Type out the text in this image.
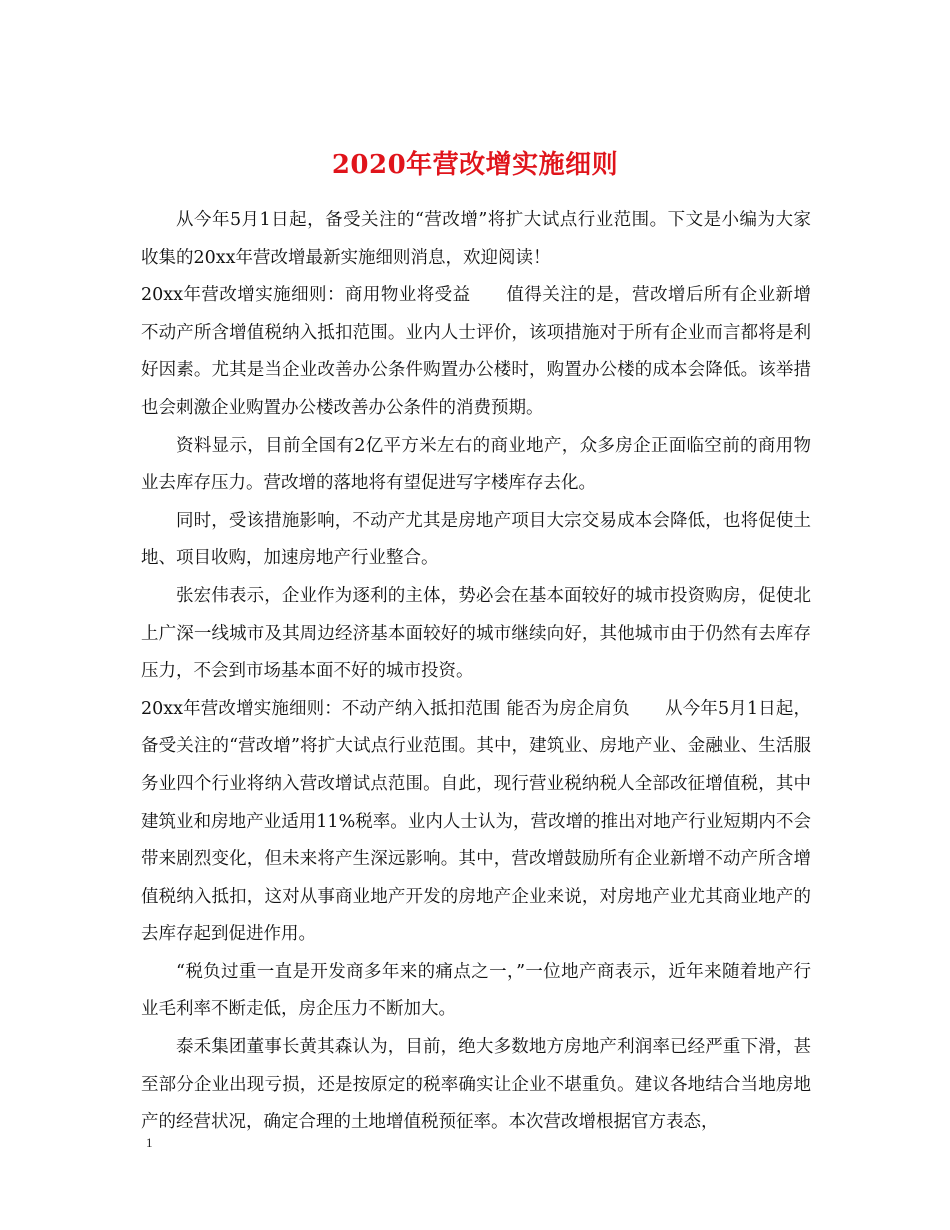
2020年营改增实施细则

从今年5月1日起，备受关注的“营改增”将扩大试点行业范围。下文是小编为大家收集的20xx年营改增最新实施细则消息，欢迎阅读！

20xx年营改增实施细则：商用物业将受益　　值得关注的是，营改增后所有企业新增不动产所含增值税纳入抵扣范围。业内人士评价，该项措施对于所有企业而言都将是利好因素。尤其是当企业改善办公条件购置办公楼时，购置办公楼的成本会降低。该举措也会刺激企业购置办公楼改善办公条件的消费预期。

资料显示，目前全国有2亿平方米左右的商业地产，众多房企正面临空前的商用物业去库存压力。营改增的落地将有望促进写字楼库存去化。

同时，受该措施影响，不动产尤其是房地产项目大宗交易成本会降低，也将促使土地、项目收购，加速房地产行业整合。

张宏伟表示，企业作为逐利的主体，势必会在基本面较好的城市投资购房，促使北上广深一线城市及其周边经济基本面较好的城市继续向好，其他城市由于仍然有去库存压力，不会到市场基本面不好的城市投资。

20xx年营改增实施细则：不动产纳入抵扣范围 能否为房企肩负　　从今年5月1日起，备受关注的“营改增”将扩大试点行业范围。其中，建筑业、房地产业、金融业、生活服务业四个行业将纳入营改增试点范围。自此，现行营业税纳税人全部改征增值税，其中建筑业和房地产业适用11%税率。业内人士认为，营改增的推出对地产行业短期内不会带来剧烈变化，但未来将产生深远影响。其中，营改增鼓励所有企业新增不动产所含增值税纳入抵扣，这对从事商业地产开发的房地产企业来说，对房地产业尤其商业地产的去库存起到促进作用。

“税负过重一直是开发商多年来的痛点之一，”一位地产商表示，近年来随着地产行业毛利率不断走低，房企压力不断加大。

泰禾集团董事长黄其森认为，目前，绝大多数地方房地产利润率已经严重下滑，甚至部分企业出现亏损，还是按原定的税率确实让企业不堪重负。建议各地结合当地房地产的经营状况，确定合理的土地增值税预征率。本次营改增根据官方表态，

1
